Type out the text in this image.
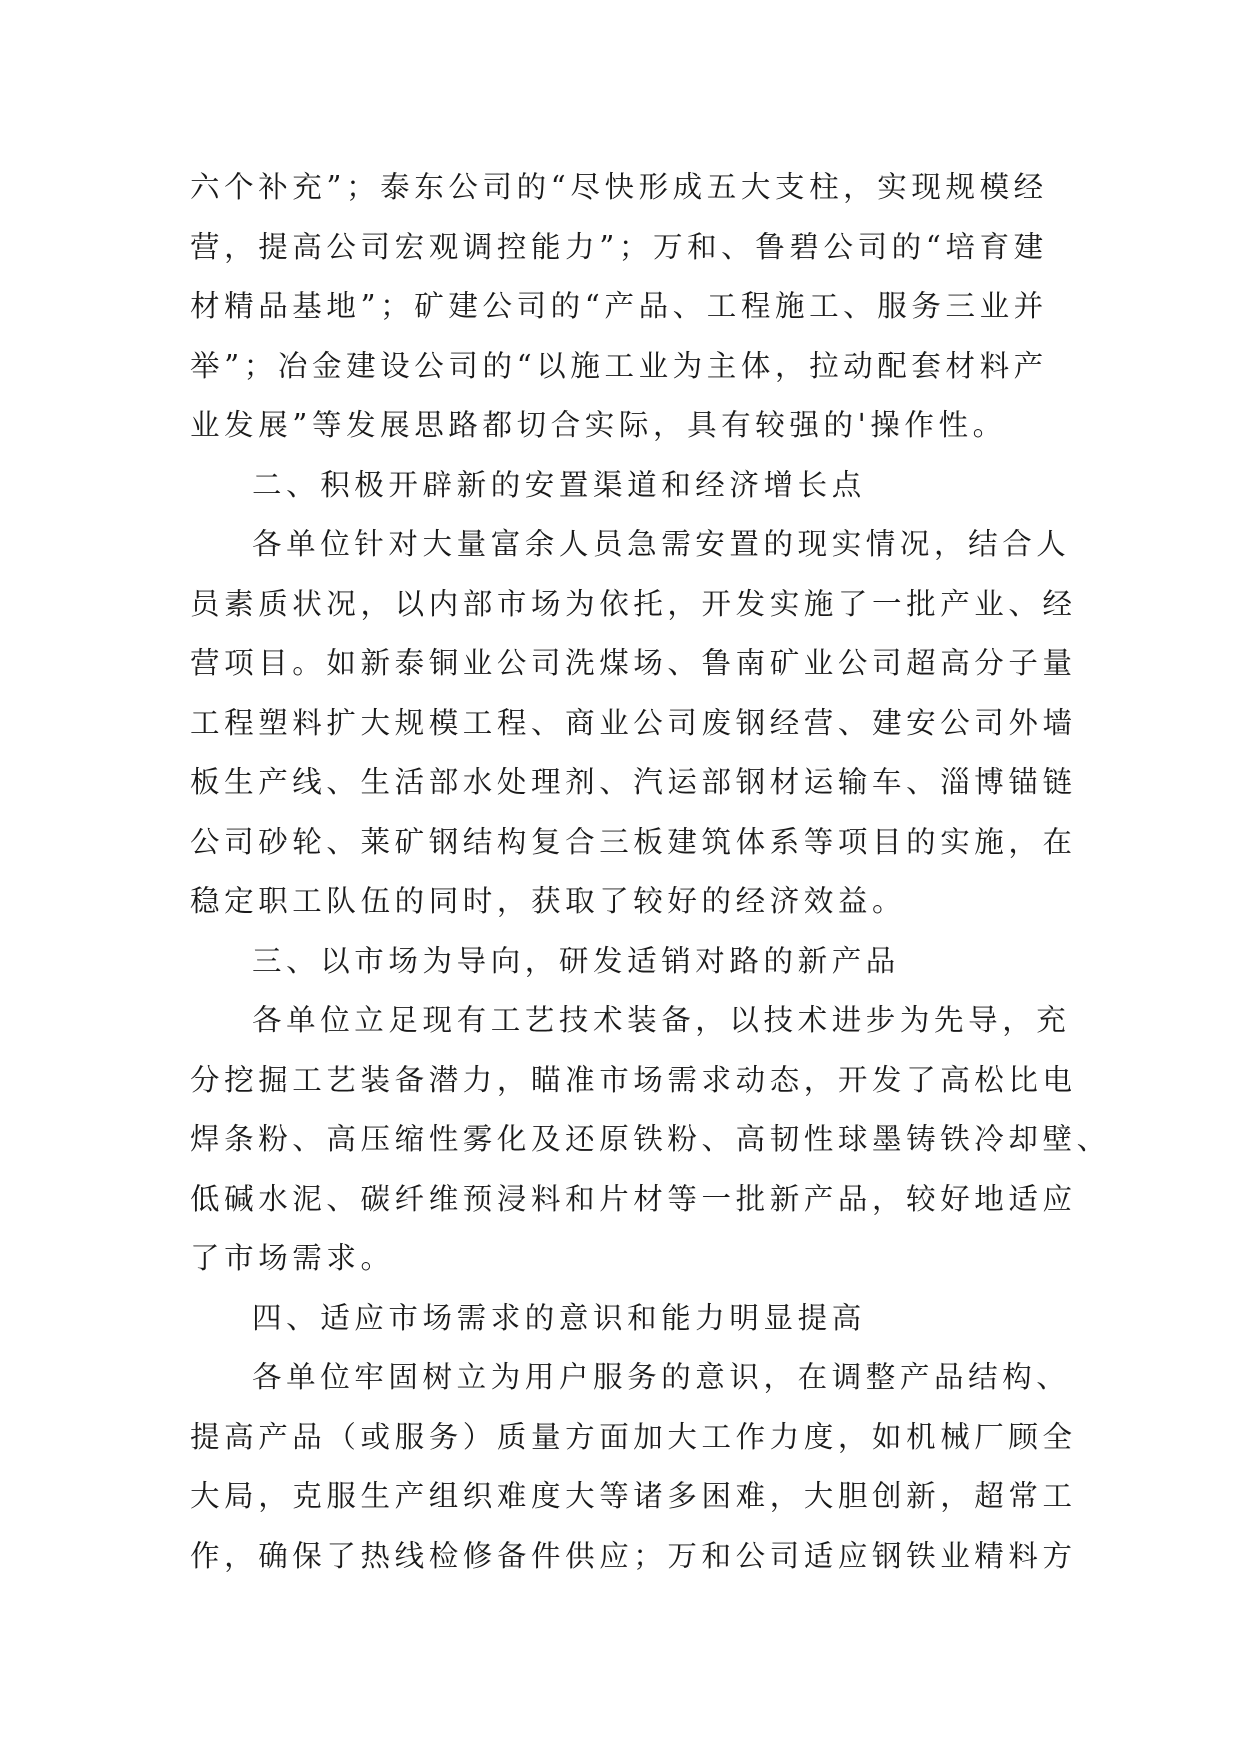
六个补充”；泰东公司的“尽快形成五大支柱，实现规模经
营，提高公司宏观调控能力”；万和、鲁碧公司的“培育建
材精品基地”；矿建公司的“产品、工程施工、服务三业并
举”；冶金建设公司的“以施工业为主体，拉动配套材料产
业发展”等发展思路都切合实际，具有较强的'操作性。
二、积极开辟新的安置渠道和经济增长点
各单位针对大量富余人员急需安置的现实情况，结合人
员素质状况，以内部市场为依托，开发实施了一批产业、经
营项目。如新泰铜业公司洗煤场、鲁南矿业公司超高分子量
工程塑料扩大规模工程、商业公司废钢经营、建安公司外墙
板生产线、生活部水处理剂、汽运部钢材运输车、淄博锚链
公司砂轮、莱矿钢结构复合三板建筑体系等项目的实施，在
稳定职工队伍的同时，获取了较好的经济效益。
三、以市场为导向，研发适销对路的新产品
各单位立足现有工艺技术装备，以技术进步为先导，充
分挖掘工艺装备潜力，瞄准市场需求动态，开发了高松比电
焊条粉、高压缩性雾化及还原铁粉、高韧性球墨铸铁冷却壁、
低碱水泥、碳纤维预浸料和片材等一批新产品，较好地适应
了市场需求。
四、适应市场需求的意识和能力明显提高
各单位牢固树立为用户服务的意识，在调整产品结构、
提高产品（或服务）质量方面加大工作力度，如机械厂顾全
大局，克服生产组织难度大等诸多困难，大胆创新，超常工
作，确保了热线检修备件供应；万和公司适应钢铁业精料方
